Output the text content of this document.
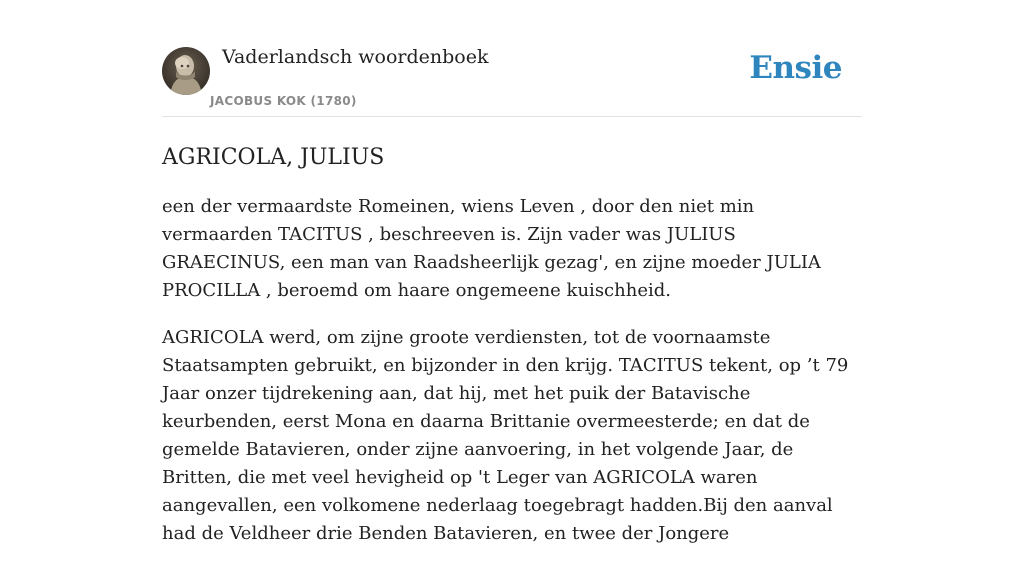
Vaderlandsch woordenboek
JACOBUS KOK (1780)
Ensie
AGRICOLA, JULIUS

een der vermaardste Romeinen, wiens Leven , door den niet min vermaarden TACITUS , beschreeven is. Zijn vader was JULIUS GRAECINUS, een man van Raadsheerlijk gezag', en zijne moeder JULIA PROCILLA , beroemd om haare ongemeene kuischheid.

AGRICOLA werd, om zijne groote verdiensten, tot de voornaamste Staatsampten gebruikt, en bijzonder in den krijg. TACITUS tekent, op ’t 79 Jaar onzer tijdrekening aan, dat hij, met het puik der Batavische keurbenden, eerst Mona en daarna Brittanie overmeesterde; en dat de gemelde Batavieren, onder zijne aanvoering, in het volgende Jaar, de Britten, die met veel hevigheid op 't Leger van AGRICOLA waren aangevallen, een volkomene nederlaag toegebragt hadden.Bij den aanval had de Veldheer drie Benden Batavieren, en twee der Jongere
